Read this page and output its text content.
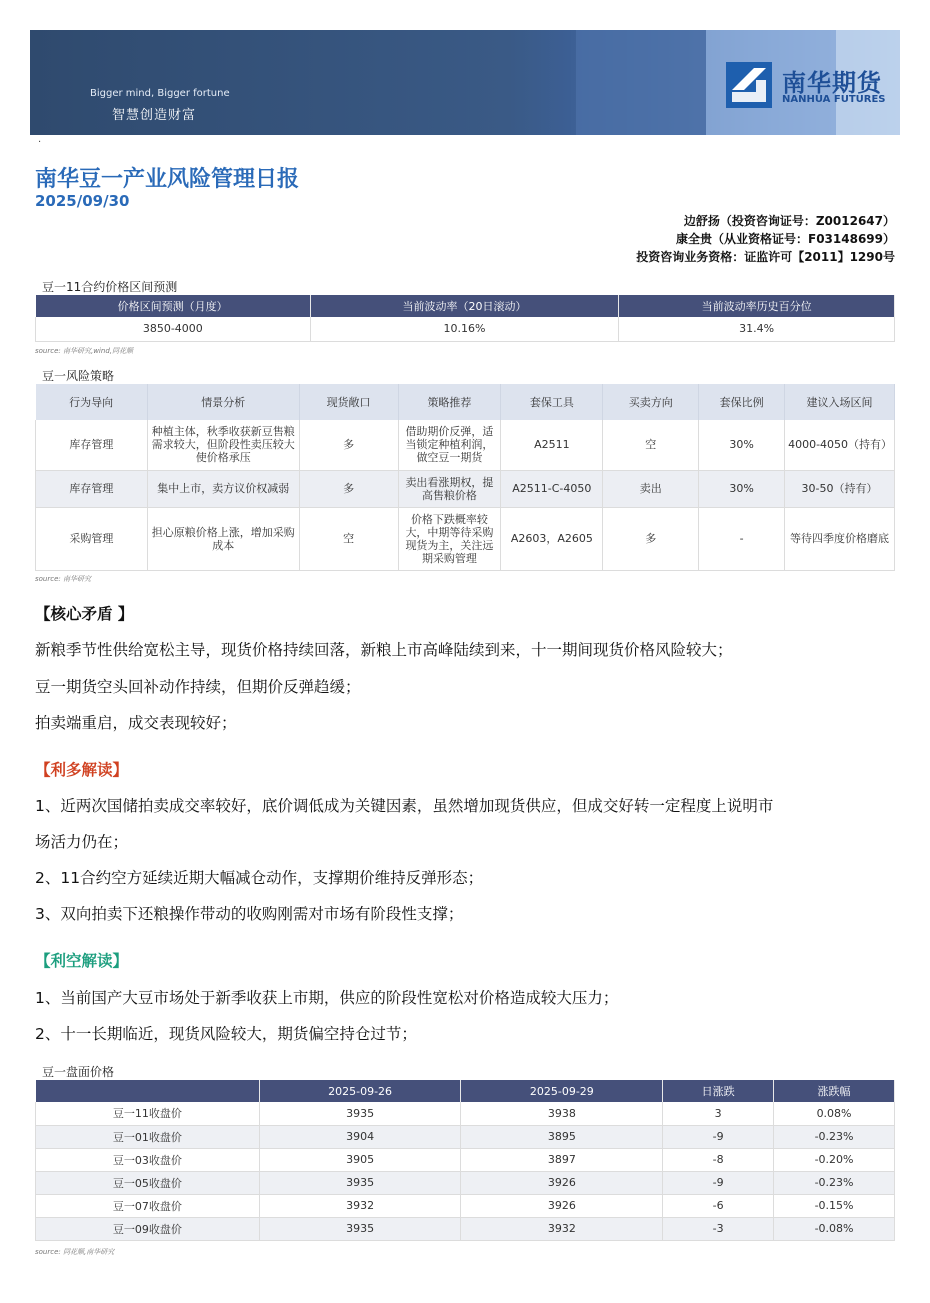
Bigger mind, Bigger fortune
智慧创造财富
南华期货
NANHUA FUTURES
·
南华豆一产业风险管理日报
2025/09/30
边舒扬（投资咨询证号：Z0012647）
康全贵（从业资格证号：F03148699）
投资咨询业务资格：证监许可【2011】1290号
豆一11合约价格区间预测
价格区间预测（月度）	当前波动率（20日滚动）	当前波动率历史百分位
3850-4000	10.16%	31.4%
source: 南华研究,wind,同花顺
豆一风险策略
行为导向	情景分析	现货敞口	策略推荐	套保工具	买卖方向	套保比例	建议入场区间
库存管理	种植主体，秋季收获新豆售粮需求较大，但阶段性卖压较大使价格承压	多	借助期价反弹，适当锁定种植利润，做空豆一期货	A2511	空	30%	4000-4050（持有）
库存管理	集中上市，卖方议价权减弱	多	卖出看涨期权，提高售粮价格	A2511-C-4050	卖出	30%	30-50（持有）
采购管理	担心原粮价格上涨，增加采购成本	空	价格下跌概率较大，中期等待采购现货为主，关注远期采购管理	A2603，A2605	多	-	等待四季度价格磨底
source: 南华研究
【核心矛盾 】
新粮季节性供给宽松主导，现货价格持续回落，新粮上市高峰陆续到来，十一期间现货价格风险较大；
豆一期货空头回补动作持续，但期价反弹趋缓；
拍卖端重启，成交表现较好；
【利多解读】
1、近两次国储拍卖成交率较好，底价调低成为关键因素，虽然增加现货供应，但成交好转一定程度上说明市
场活力仍在；
2、11合约空方延续近期大幅减仓动作，支撑期价维持反弹形态；
3、双向拍卖下还粮操作带动的收购刚需对市场有阶段性支撑；
【利空解读】
1、当前国产大豆市场处于新季收获上市期，供应的阶段性宽松对价格造成较大压力；
2、十一长期临近，现货风险较大，期货偏空持仓过节；
豆一盘面价格
	2025-09-26	2025-09-29	日涨跌	涨跌幅
豆一11收盘价	3935	3938	3	0.08%
豆一01收盘价	3904	3895	-9	-0.23%
豆一03收盘价	3905	3897	-8	-0.20%
豆一05收盘价	3935	3926	-9	-0.23%
豆一07收盘价	3932	3926	-6	-0.15%
豆一09收盘价	3935	3932	-3	-0.08%
source: 同花顺,南华研究
